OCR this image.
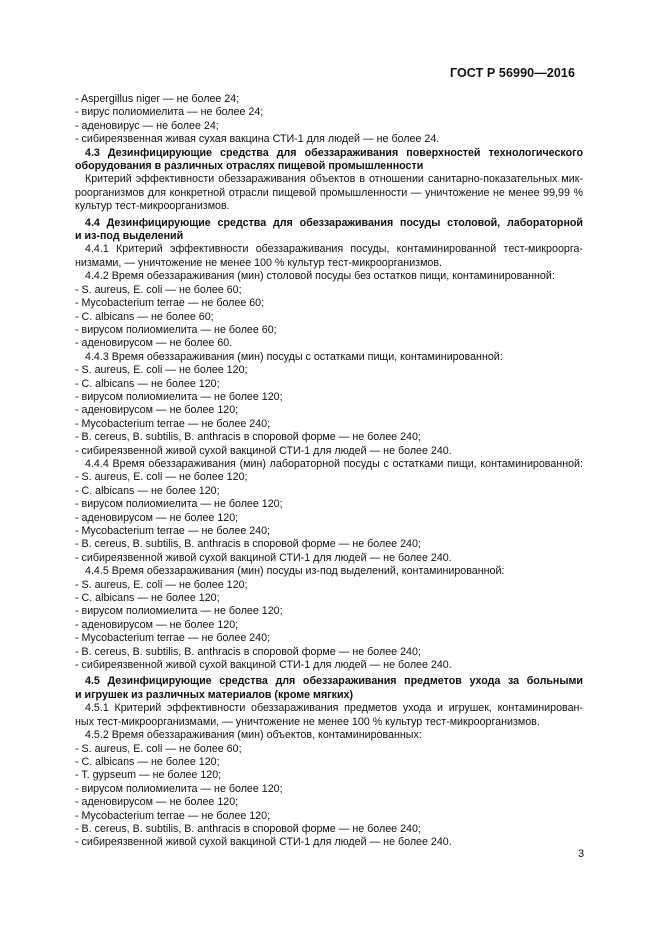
ГОСТ Р 56990—2016
- Aspergillus niger — не более 24;
- вирус полиомиелита — не более 24;
- аденовирус — не более 24;
- сибиреязвенная живая сухая вакцина СТИ-1 для людей — не более 24.
4.3 Дезинфицирующие средства для обеззараживания поверхностей технологического
оборудования в различных отраслях пищевой промышленности
Критерий эффективности обеззараживания объектов в отношении санитарно-показательных мик-
роорганизмов для конкретной отрасли пищевой промышленности — уничтожение не менее 99,99 %
культур тест-микроорганизмов.
4.4 Дезинфицирующие средства для обеззараживания посуды столовой, лабораторной
и из-под выделений
4.4.1 Критерий эффективности обеззараживания посуды, контаминированной тест-микроорга-
низмами, — уничтожение не менее 100 % культур тест-микроорганизмов.
4.4.2 Время обеззараживания (мин) столовой посуды без остатков пищи, контаминированной:
- S. aureus, E. coli — не более 60;
- Mycobacterium terrae — не более 60;
- C. albicans — не более 60;
- вирусом полиомиелита — не более 60;
- аденовирусом — не более 60.
4.4.3 Время обеззараживания (мин) посуды с остатками пищи, контаминированной:
- S. aureus, E. coli — не более 120;
- C. albicans — не более 120;
- вирусом полиомиелита — не более 120;
- аденовирусом — не более 120;
- Mycobacterium terrae — не более 240;
- B. cereus, B. subtilis, B. anthracis в споровой форме — не более 240;
- сибиреязвенной живой сухой вакциной СТИ-1 для людей — не более 240.
4.4.4 Время обеззараживания (мин) лабораторной посуды с остатками пищи, контаминированной:
- S. aureus, E. coli — не более 120;
- C. albicans — не более 120;
- вирусом полиомиелита — не более 120;
- аденовирусом — не более 120;
- Mycobacterium terrae — не более 240;
- B. cereus, B. subtilis, B. anthracis в споровой форме — не более 240;
- сибиреязвенной живой сухой вакциной СТИ-1 для людей — не более 240.
4.4.5 Время обеззараживания (мин) посуды из-под выделений, контаминированной:
- S. aureus, E. coli — не более 120;
- C. albicans — не более 120;
- вирусом полиомиелита — не более 120;
- аденовирусом — не более 120;
- Mycobacterium terrae — не более 240;
- B. cereus, B. subtilis, B. anthracis в споровой форме — не более 240;
- сибиреязвенной живой сухой вакциной СТИ-1 для людей — не более 240.
4.5 Дезинфицирующие средства для обеззараживания предметов ухода за больными
и игрушек из различных материалов (кроме мягких)
4.5.1 Критерий эффективности обеззараживания предметов ухода и игрушек, контаминирован-
ных тест-микроорганизмами, — уничтожение не менее 100 % культур тест-микроорганизмов.
4.5.2 Время обеззараживания (мин) объектов, контаминированных:
- S. aureus, E. coli — не более 60;
- C. albicans — не более 120;
- T. gypseum — не более 120;
- вирусом полиомиелита — не более 120;
- аденовирусом — не более 120;
- Mycobacterium terrae — не более 120;
- B. cereus, B. subtilis, B. anthracis в споровой форме — не более 240;
- сибиреязвенной живой сухой вакциной СТИ-1 для людей — не более 240.
3
